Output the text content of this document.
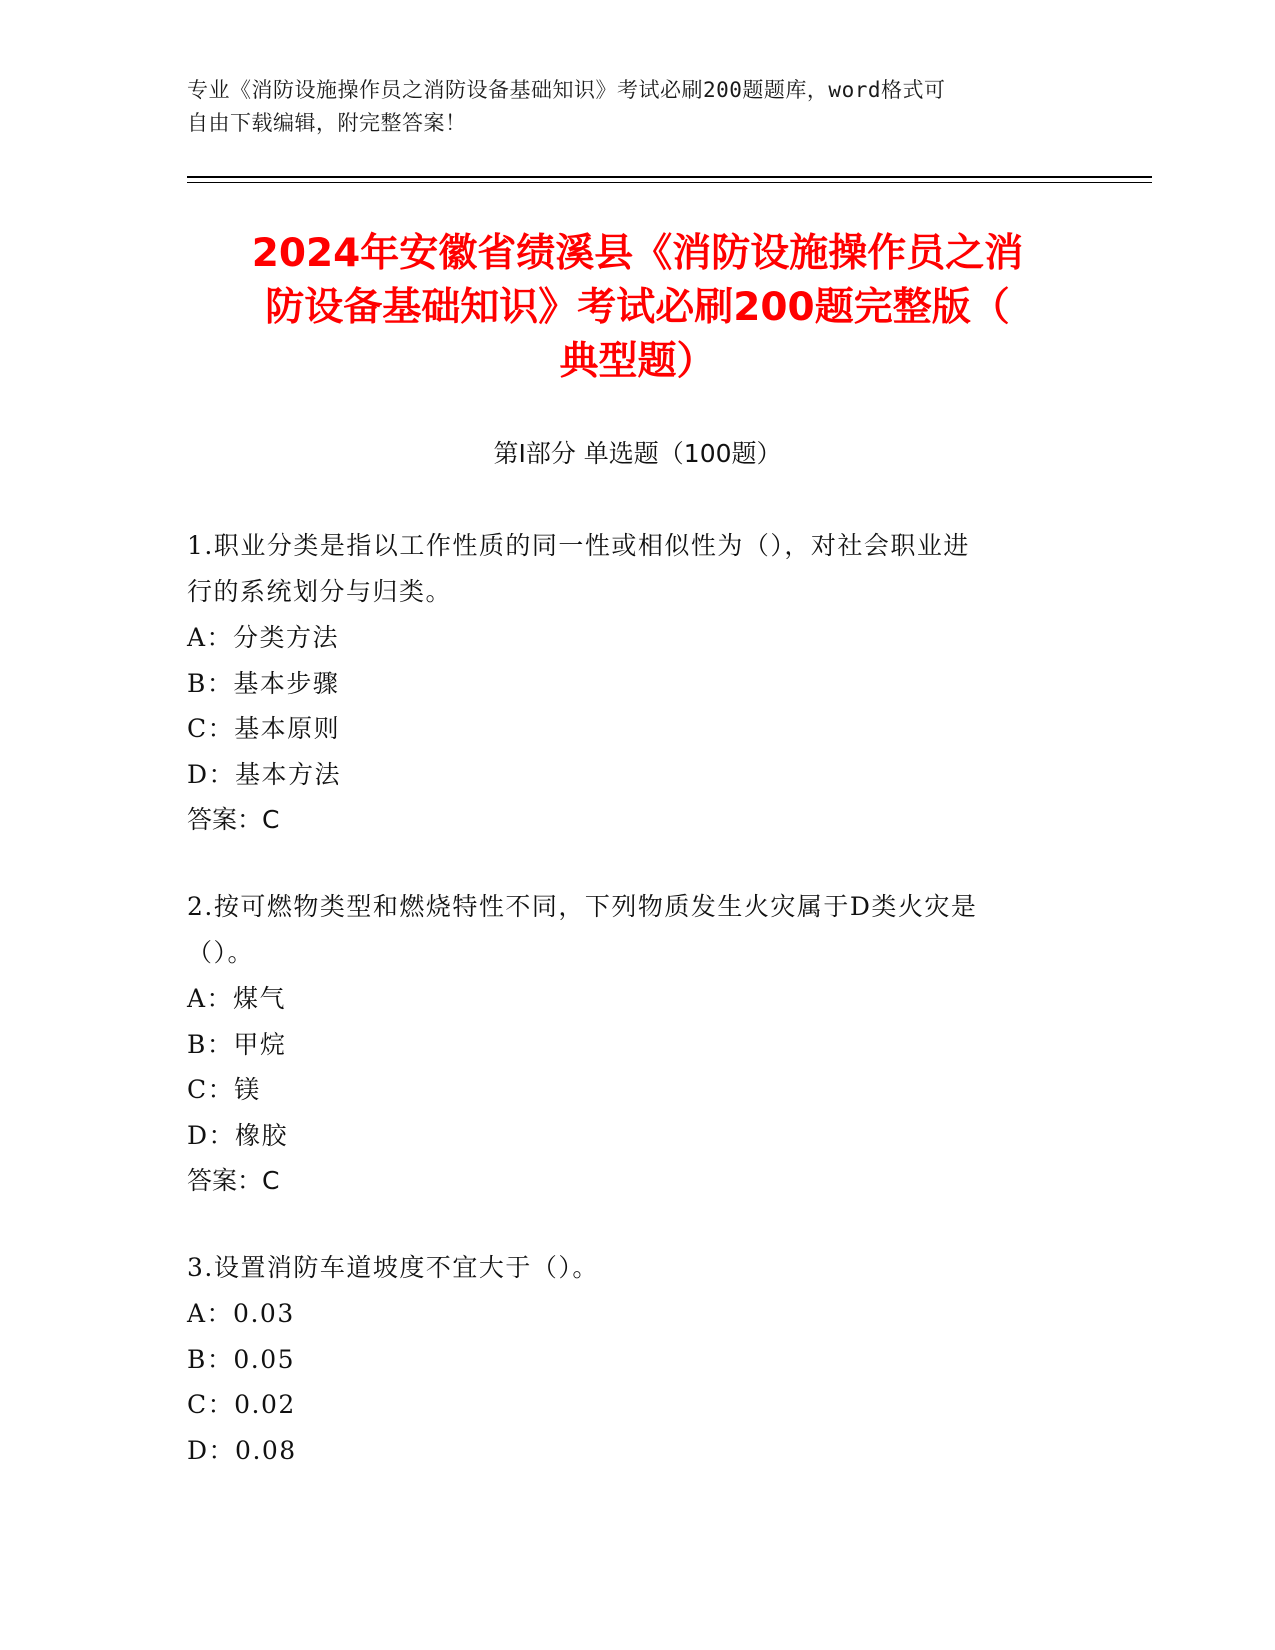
专业《消防设施操作员之消防设备基础知识》考试必刷200题题库，word格式可
自由下载编辑，附完整答案！
2024年安徽省绩溪县《消防设施操作员之消
防设备基础知识》考试必刷200题完整版（
典型题）
第Ⅰ部分 单选题（100题）

1.职业分类是指以工作性质的同一性或相似性为（），对社会职业进
行的系统划分与归类。

A：分类方法

B：基本步骤

C：基本原则

D：基本方法

答案：C

2.按可燃物类型和燃烧特性不同，下列物质发生火灾属于D类火灾是
（）。

A：煤气

B：甲烷

C：镁

D：橡胶

答案：C

3.设置消防车道坡度不宜大于（）。

A：0.03

B：0.05

C：0.02

D：0.08
